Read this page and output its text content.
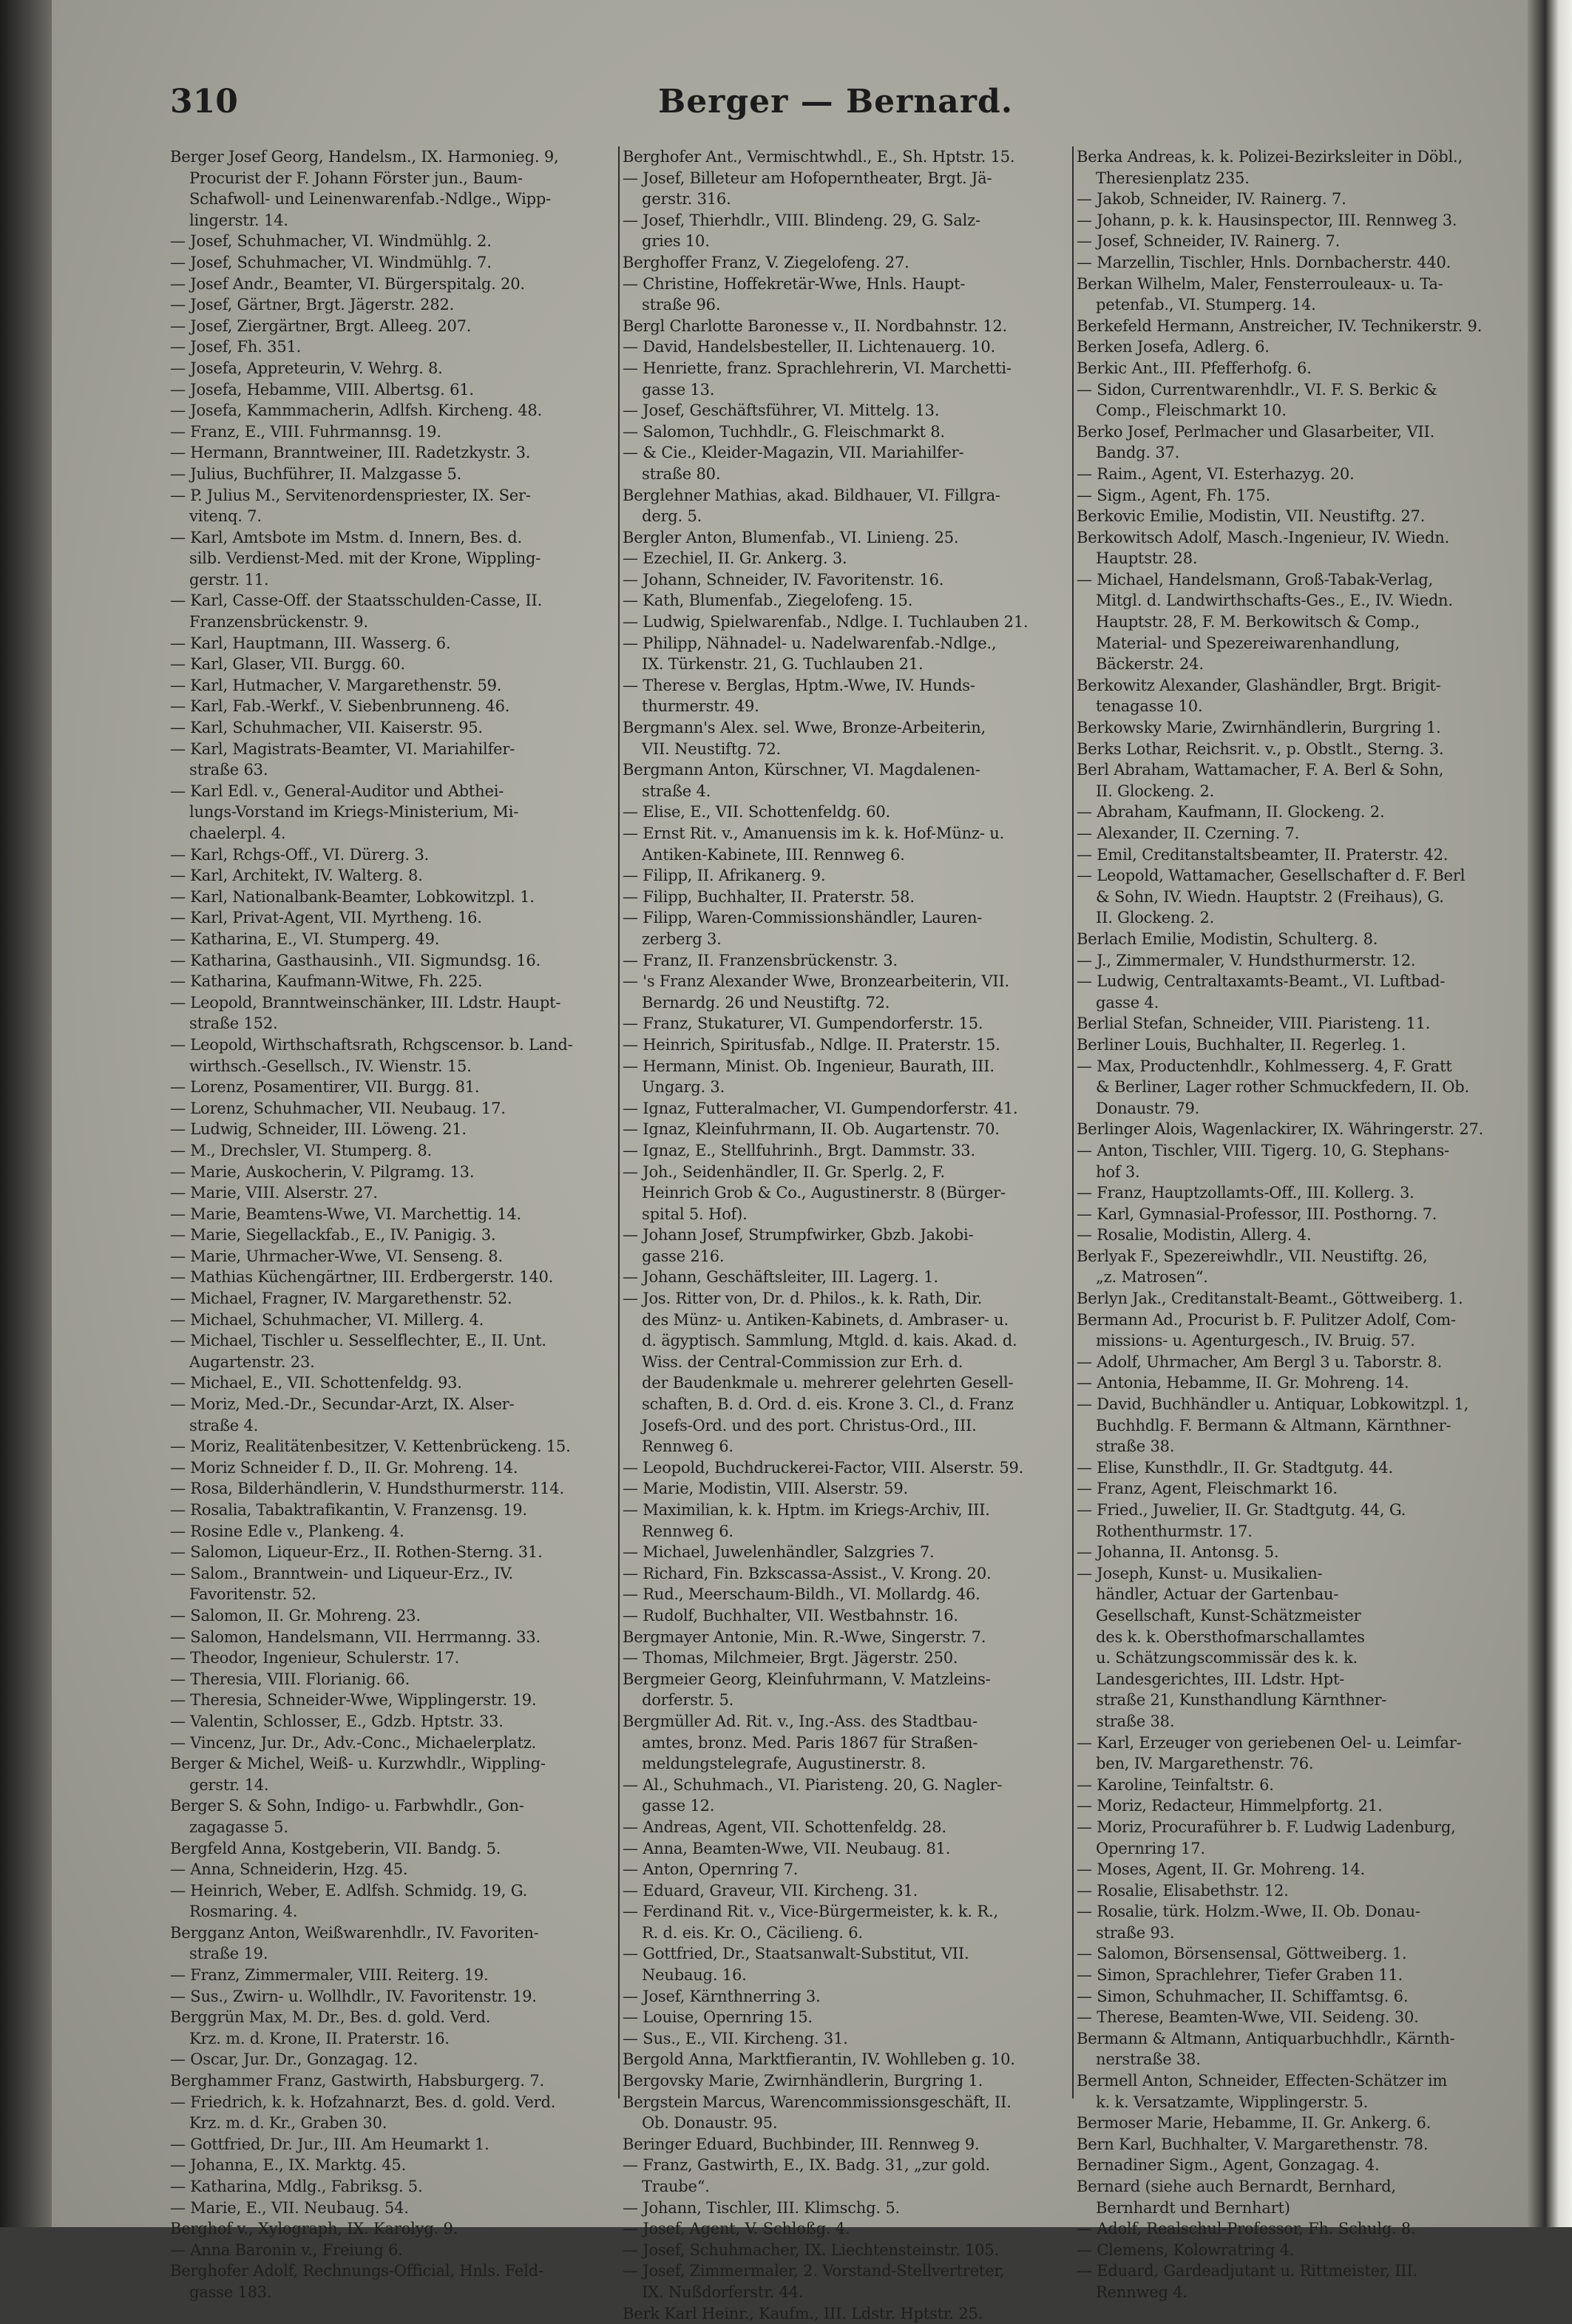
310	Berger — Bernard.
Berger Josef Georg, Handelsm., IX. Harmonieg. 9,
Procurist der F. Johann Förster jun., Baum-
Schafwoll- und Leinenwarenfab.-Ndlge., Wipp-
lingerstr. 14.
— Josef, Schuhmacher, VI. Windmühlg. 2.
— Josef, Schuhmacher, VI. Windmühlg. 7.
— Josef Andr., Beamter, VI. Bürgerspitalg. 20.
— Josef, Gärtner, Brgt. Jägerstr. 282.
— Josef, Ziergärtner, Brgt. Alleeg. 207.
— Josef, Fh. 351.
— Josefa, Appreteurin, V. Wehrg. 8.
— Josefa, Hebamme, VIII. Albertsg. 61.
— Josefa, Kammmacherin, Adlfsh. Kircheng. 48.
— Franz, E., VIII. Fuhrmannsg. 19.
— Hermann, Branntweiner, III. Radetzkystr. 3.
— Julius, Buchführer, II. Malzgasse 5.
— P. Julius M., Servitenordenspriester, IX. Ser-
vitenq. 7.
— Karl, Amtsbote im Mstm. d. Innern, Bes. d.
silb. Verdienst-Med. mit der Krone, Wippling-
gerstr. 11.
— Karl, Casse-Off. der Staatsschulden-Casse, II.
Franzensbrückenstr. 9.
— Karl, Hauptmann, III. Wasserg. 6.
— Karl, Glaser, VII. Burgg. 60.
— Karl, Hutmacher, V. Margarethenstr. 59.
— Karl, Fab.-Werkf., V. Siebenbrunneng. 46.
— Karl, Schuhmacher, VII. Kaiserstr. 95.
— Karl, Magistrats-Beamter, VI. Mariahilfer-
straße 63.
— Karl Edl. v., General-Auditor und Abthei-
lungs-Vorstand im Kriegs-Ministerium, Mi-
chaelerpl. 4.
— Karl, Rchgs-Off., VI. Dürerg. 3.
— Karl, Architekt, IV. Walterg. 8.
— Karl, Nationalbank-Beamter, Lobkowitzpl. 1.
— Karl, Privat-Agent, VII. Myrtheng. 16.
— Katharina, E., VI. Stumperg. 49.
— Katharina, Gasthausinh., VII. Sigmundsg. 16.
— Katharina, Kaufmann-Witwe, Fh. 225.
— Leopold, Branntweinschänker, III. Ldstr. Haupt-
straße 152.
— Leopold, Wirthschaftsrath, Rchgscensor. b. Land-
wirthsch.-Gesellsch., IV. Wienstr. 15.
— Lorenz, Posamentirer, VII. Burgg. 81.
— Lorenz, Schuhmacher, VII. Neubaug. 17.
— Ludwig, Schneider, III. Löweng. 21.
— M., Drechsler, VI. Stumperg. 8.
— Marie, Auskocherin, V. Pilgramg. 13.
— Marie, VIII. Alserstr. 27.
— Marie, Beamtens-Wwe, VI. Marchettig. 14.
— Marie, Siegellackfab., E., IV. Panigig. 3.
— Marie, Uhrmacher-Wwe, VI. Senseng. 8.
— Mathias Küchengärtner, III. Erdbergerstr. 140.
— Michael, Fragner, IV. Margarethenstr. 52.
— Michael, Schuhmacher, VI. Millerg. 4.
— Michael, Tischler u. Sesselflechter, E., II. Unt.
Augartenstr. 23.
— Michael, E., VII. Schottenfeldg. 93.
— Moriz, Med.-Dr., Secundar-Arzt, IX. Alser-
straße 4.
— Moriz, Realitätenbesitzer, V. Kettenbrückeng. 15.
— Moriz Schneider f. D., II. Gr. Mohreng. 14.
— Rosa, Bilderhändlerin, V. Hundsthurmerstr. 114.
— Rosalia, Tabaktrafikantin, V. Franzensg. 19.
— Rosine Edle v., Plankeng. 4.
— Salomon, Liqueur-Erz., II. Rothen-Sterng. 31.
— Salom., Branntwein- und Liqueur-Erz., IV.
Favoritenstr. 52.
— Salomon, II. Gr. Mohreng. 23.
— Salomon, Handelsmann, VII. Herrmanng. 33.
— Theodor, Ingenieur, Schulerstr. 17.
— Theresia, VIII. Florianig. 66.
— Theresia, Schneider-Wwe, Wipplingerstr. 19.
— Valentin, Schlosser, E., Gdzb. Hptstr. 33.
— Vincenz, Jur. Dr., Adv.-Conc., Michaelerplatz.
Berger & Michel, Weiß- u. Kurzwhdlr., Wippling-
gerstr. 14.
Berger S. & Sohn, Indigo- u. Farbwhdlr., Gon-
zagagasse 5.
Bergfeld Anna, Kostgeberin, VII. Bandg. 5.
— Anna, Schneiderin, Hzg. 45.
— Heinrich, Weber, E. Adlfsh. Schmidg. 19, G.
Rosmaring. 4.
Bergganz Anton, Weißwarenhdlr., IV. Favoriten-
straße 19.
— Franz, Zimmermaler, VIII. Reiterg. 19.
— Sus., Zwirn- u. Wollhdlr., IV. Favoritenstr. 19.
Berggrün Max, M. Dr., Bes. d. gold. Verd.
Krz. m. d. Krone, II. Praterstr. 16.
— Oscar, Jur. Dr., Gonzagag. 12.
Berghammer Franz, Gastwirth, Habsburgerg. 7.
— Friedrich, k. k. Hofzahnarzt, Bes. d. gold. Verd.
Krz. m. d. Kr., Graben 30.
— Gottfried, Dr. Jur., III. Am Heumarkt 1.
— Johanna, E., IX. Marktg. 45.
— Katharina, Mdlg., Fabriksg. 5.
— Marie, E., VII. Neubaug. 54.
Berghof v., Xylograph, IX. Karolyg. 9.
— Anna Baronin v., Freiung 6.
Berghofer Adolf, Rechnungs-Official, Hnls. Feld-
gasse 183.
Berghofer Ant., Vermischtwhdl., E., Sh. Hptstr. 15.
— Josef, Billeteur am Hofoperntheater, Brgt. Jä-
gerstr. 316.
— Josef, Thierhdlr., VIII. Blindeng. 29, G. Salz-
gries 10.
Berghoffer Franz, V. Ziegelofeng. 27.
— Christine, Hoffekretär-Wwe, Hnls. Haupt-
straße 96.
Bergl Charlotte Baronesse v., II. Nordbahnstr. 12.
— David, Handelsbesteller, II. Lichtenauerg. 10.
— Henriette, franz. Sprachlehrerin, VI. Marchetti-
gasse 13.
— Josef, Geschäftsführer, VI. Mittelg. 13.
— Salomon, Tuchhdlr., G. Fleischmarkt 8.
— & Cie., Kleider-Magazin, VII. Mariahilfer-
straße 80.
Berglehner Mathias, akad. Bildhauer, VI. Fillgra-
derg. 5.
Bergler Anton, Blumenfab., VI. Linieng. 25.
— Ezechiel, II. Gr. Ankerg. 3.
— Johann, Schneider, IV. Favoritenstr. 16.
— Kath, Blumenfab., Ziegelofeng. 15.
— Ludwig, Spielwarenfab., Ndlge. I. Tuchlauben 21.
— Philipp, Nähnadel- u. Nadelwarenfab.-Ndlge.,
IX. Türkenstr. 21, G. Tuchlauben 21.
— Therese v. Berglas, Hptm.-Wwe, IV. Hunds-
thurmerstr. 49.
Bergmann's Alex. sel. Wwe, Bronze-Arbeiterin,
VII. Neustiftg. 72.
Bergmann Anton, Kürschner, VI. Magdalenen-
straße 4.
— Elise, E., VII. Schottenfeldg. 60.
— Ernst Rit. v., Amanuensis im k. k. Hof-Münz- u.
Antiken-Kabinete, III. Rennweg 6.
— Filipp, II. Afrikanerg. 9.
— Filipp, Buchhalter, II. Praterstr. 58.
— Filipp, Waren-Commissionshändler, Lauren-
zerberg 3.
— Franz, II. Franzensbrückenstr. 3.
— 's Franz Alexander Wwe, Bronzearbeiterin, VII.
Bernardg. 26 und Neustiftg. 72.
— Franz, Stukaturer, VI. Gumpendorferstr. 15.
— Heinrich, Spiritusfab., Ndlge. II. Praterstr. 15.
— Hermann, Minist. Ob. Ingenieur, Baurath, III.
Ungarg. 3.
— Ignaz, Futteralmacher, VI. Gumpendorferstr. 41.
— Ignaz, Kleinfuhrmann, II. Ob. Augartenstr. 70.
— Ignaz, E., Stellfuhrinh., Brgt. Dammstr. 33.
— Joh., Seidenhändler, II. Gr. Sperlg. 2, F.
Heinrich Grob & Co., Augustinerstr. 8 (Bürger-
spital 5. Hof).
— Johann Josef, Strumpfwirker, Gbzb. Jakobi-
gasse 216.
— Johann, Geschäftsleiter, III. Lagerg. 1.
— Jos. Ritter von, Dr. d. Philos., k. k. Rath, Dir.
des Münz- u. Antiken-Kabinets, d. Ambraser- u.
d. ägyptisch. Sammlung, Mtgld. d. kais. Akad. d.
Wiss. der Central-Commission zur Erh. d.
der Baudenkmale u. mehrerer gelehrten Gesell-
schaften, B. d. Ord. d. eis. Krone 3. Cl., d. Franz
Josefs-Ord. und des port. Christus-Ord., III.
Rennweg 6.
— Leopold, Buchdruckerei-Factor, VIII. Alserstr. 59.
— Marie, Modistin, VIII. Alserstr. 59.
— Maximilian, k. k. Hptm. im Kriegs-Archiv, III.
Rennweg 6.
— Michael, Juwelenhändler, Salzgries 7.
— Richard, Fin. Bzkscassa-Assist., V. Krong. 20.
— Rud., Meerschaum-Bildh., VI. Mollardg. 46.
— Rudolf, Buchhalter, VII. Westbahnstr. 16.
Bergmayer Antonie, Min. R.-Wwe, Singerstr. 7.
— Thomas, Milchmeier, Brgt. Jägerstr. 250.
Bergmeier Georg, Kleinfuhrmann, V. Matzleins-
dorferstr. 5.
Bergmüller Ad. Rit. v., Ing.-Ass. des Stadtbau-
amtes, bronz. Med. Paris 1867 für Straßen-
meldungstelegrafe, Augustinerstr. 8.
— Al., Schuhmach., VI. Piaristeng. 20, G. Nagler-
gasse 12.
— Andreas, Agent, VII. Schottenfeldg. 28.
— Anna, Beamten-Wwe, VII. Neubaug. 81.
— Anton, Opernring 7.
— Eduard, Graveur, VII. Kircheng. 31.
— Ferdinand Rit. v., Vice-Bürgermeister, k. k. R.,
R. d. eis. Kr. O., Cäcilieng. 6.
— Gottfried, Dr., Staatsanwalt-Substitut, VII.
Neubaug. 16.
— Josef, Kärnthnerring 3.
— Louise, Opernring 15.
— Sus., E., VII. Kircheng. 31.
Bergold Anna, Marktfierantin, IV. Wohlleben g. 10.
Bergovsky Marie, Zwirnhändlerin, Burgring 1.
Bergstein Marcus, Warencommissionsgeschäft, II.
Ob. Donaustr. 95.
Beringer Eduard, Buchbinder, III. Rennweg 9.
— Franz, Gastwirth, E., IX. Badg. 31, „zur gold.
Traube“.
— Johann, Tischler, III. Klimschg. 5.
— Josef, Agent, V. Schloßg. 4.
— Josef, Schuhmacher, IX. Liechtensteinstr. 105.
— Josef, Zimmermaler, 2. Vorstand-Stellvertreter,
IX. Nußdorferstr. 44.
Berk Karl Heinr., Kaufm., III. Ldstr. Hptstr. 25.
Berka Andreas, k. k. Polizei-Bezirksleiter in Döbl.,
Theresienplatz 235.
— Jakob, Schneider, IV. Rainerg. 7.
— Johann, p. k. k. Hausinspector, III. Rennweg 3.
— Josef, Schneider, IV. Rainerg. 7.
— Marzellin, Tischler, Hnls. Dornbacherstr. 440.
Berkan Wilhelm, Maler, Fensterrouleaux- u. Ta-
petenfab., VI. Stumperg. 14.
Berkefeld Hermann, Anstreicher, IV. Technikerstr. 9.
Berken Josefa, Adlerg. 6.
Berkic Ant., III. Pfefferhofg. 6.
— Sidon, Currentwarenhdlr., VI. F. S. Berkic &
Comp., Fleischmarkt 10.
Berko Josef, Perlmacher und Glasarbeiter, VII.
Bandg. 37.
— Raim., Agent, VI. Esterhazyg. 20.
— Sigm., Agent, Fh. 175.
Berkovic Emilie, Modistin, VII. Neustiftg. 27.
Berkowitsch Adolf, Masch.-Ingenieur, IV. Wiedn.
Hauptstr. 28.
— Michael, Handelsmann, Groß-Tabak-Verlag,
Mitgl. d. Landwirthschafts-Ges., E., IV. Wiedn.
Hauptstr. 28, F. M. Berkowitsch & Comp.,
Material- und Spezereiwarenhandlung,
Bäckerstr. 24.
Berkowitz Alexander, Glashändler, Brgt. Brigit-
tenagasse 10.
Berkowsky Marie, Zwirnhändlerin, Burgring 1.
Berks Lothar, Reichsrit. v., p. Obstlt., Sterng. 3.
Berl Abraham, Wattamacher, F. A. Berl & Sohn,
II. Glockeng. 2.
— Abraham, Kaufmann, II. Glockeng. 2.
— Alexander, II. Czerning. 7.
— Emil, Creditanstaltsbeamter, II. Praterstr. 42.
— Leopold, Wattamacher, Gesellschafter d. F. Berl
& Sohn, IV. Wiedn. Hauptstr. 2 (Freihaus), G.
II. Glockeng. 2.
Berlach Emilie, Modistin, Schulterg. 8.
— J., Zimmermaler, V. Hundsthurmerstr. 12.
— Ludwig, Centraltaxamts-Beamt., VI. Luftbad-
gasse 4.
Berlial Stefan, Schneider, VIII. Piaristeng. 11.
Berliner Louis, Buchhalter, II. Regerleg. 1.
— Max, Productenhdlr., Kohlmesserg. 4, F. Gratt
& Berliner, Lager rother Schmuckfedern, II. Ob.
Donaustr. 79.
Berlinger Alois, Wagenlackirer, IX. Währingerstr. 27.
— Anton, Tischler, VIII. Tigerg. 10, G. Stephans-
hof 3.
— Franz, Hauptzollamts-Off., III. Kollerg. 3.
— Karl, Gymnasial-Professor, III. Posthorng. 7.
— Rosalie, Modistin, Allerg. 4.
Berlyak F., Spezereiwhdlr., VII. Neustiftg. 26,
„z. Matrosen“.
Berlyn Jak., Creditanstalt-Beamt., Göttweiberg. 1.
Bermann Ad., Procurist b. F. Pulitzer Adolf, Com-
missions- u. Agenturgesch., IV. Bruig. 57.
— Adolf, Uhrmacher, Am Bergl 3 u. Taborstr. 8.
— Antonia, Hebamme, II. Gr. Mohreng. 14.
— David, Buchhändler u. Antiquar, Lobkowitzpl. 1,
Buchhdlg. F. Bermann & Altmann, Kärnthner-
straße 38.
— Elise, Kunsthdlr., II. Gr. Stadtgutg. 44.
— Franz, Agent, Fleischmarkt 16.
— Fried., Juwelier, II. Gr. Stadtgutg. 44, G.
Rothenthurmstr. 17.
— Johanna, II. Antonsg. 5.
— Joseph, Kunst- u. Musikalien-
händler, Actuar der Gartenbau-
Gesellschaft, Kunst-Schätzmeister
des k. k. Obersthofmarschallamtes
u. Schätzungscommissär des k. k.
Landesgerichtes, III. Ldstr. Hpt-
straße 21, Kunsthandlung Kärnthner-
straße 38.
— Karl, Erzeuger von geriebenen Oel- u. Leimfar-
ben, IV. Margarethenstr. 76.
— Karoline, Teinfaltstr. 6.
— Moriz, Redacteur, Himmelpfortg. 21.
— Moriz, Procuraführer b. F. Ludwig Ladenburg,
Opernring 17.
— Moses, Agent, II. Gr. Mohreng. 14.
— Rosalie, Elisabethstr. 12.
— Rosalie, türk. Holzm.-Wwe, II. Ob. Donau-
straße 93.
— Salomon, Börsensensal, Göttweiberg. 1.
— Simon, Sprachlehrer, Tiefer Graben 11.
— Simon, Schuhmacher, II. Schiffamtsg. 6.
— Therese, Beamten-Wwe, VII. Seideng. 30.
Bermann & Altmann, Antiquarbuchhdlr., Kärnth-
nerstraße 38.
Bermell Anton, Schneider, Effecten-Schätzer im
k. k. Versatzamte, Wipplingerstr. 5.
Bermoser Marie, Hebamme, II. Gr. Ankerg. 6.
Bern Karl, Buchhalter, V. Margarethenstr. 78.
Bernadiner Sigm., Agent, Gonzagag. 4.
Bernard (siehe auch Bernardt, Bernhard,
Bernhardt und Bernhart)
— Adolf, Realschul-Professor, Fh. Schulg. 8.
— Clemens, Kolowratring 4.
— Eduard, Gardeadjutant u. Rittmeister, III.
Rennweg 4.
